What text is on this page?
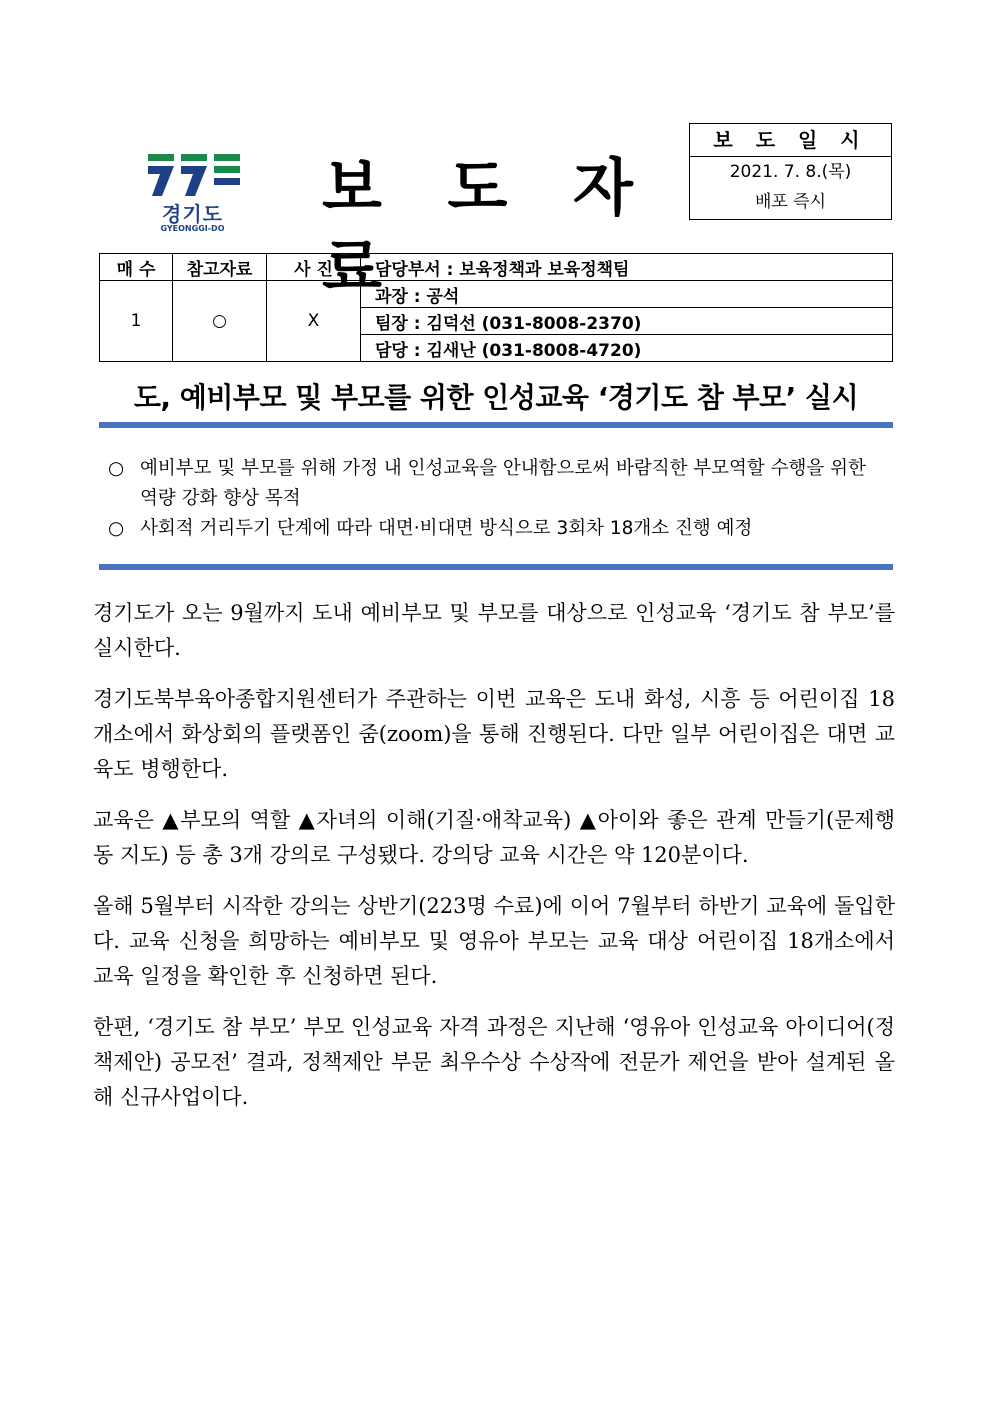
경기도
GYEONGGI-DO
보 도 자 료
보 도 일 시
2021. 7. 8.(목)
배포 즉시
매 수	참고자료	사 진	담당부서 : 보육정책과 보육정책팀
1	○	X	과장 : 공석
			팀장 : 김덕선 (031-8008-2370)
			담당 : 김새난 (031-8008-4720)
도, 예비부모 및 부모를 위한 인성교육 ‘경기도 참 부모’ 실시
○ 예비부모 및 부모를 위해 가정 내 인성교육을 안내함으로써 바람직한 부모역할 수행을 위한 역량 강화 향상 목적
○ 사회적 거리두기 단계에 따라 대면·비대면 방식으로 3회차 18개소 진행 예정

경기도가 오는 9월까지 도내 예비부모 및 부모를 대상으로 인성교육 ‘경기도 참 부모’를 실시한다.

경기도북부육아종합지원센터가 주관하는 이번 교육은 도내 화성, 시흥 등 어린이집 18개소에서 화상회의 플랫폼인 줌(zoom)을 통해 진행된다. 다만 일부 어린이집은 대면 교육도 병행한다.

교육은 ▲부모의 역할 ▲자녀의 이해(기질·애착교육) ▲아이와 좋은 관계 만들기(문제행동 지도) 등 총 3개 강의로 구성됐다. 강의당 교육 시간은 약 120분이다.

올해 5월부터 시작한 강의는 상반기(223명 수료)에 이어 7월부터 하반기 교육에 돌입한다. 교육 신청을 희망하는 예비부모 및 영유아 부모는 교육 대상 어린이집 18개소에서 교육 일정을 확인한 후 신청하면 된다.

한편, ‘경기도 참 부모’ 부모 인성교육 자격 과정은 지난해 ‘영유아 인성교육 아이디어(정책제안) 공모전’ 결과, 정책제안 부문 최우수상 수상작에 전문가 제언을 받아 설계된 올해 신규사업이다.
